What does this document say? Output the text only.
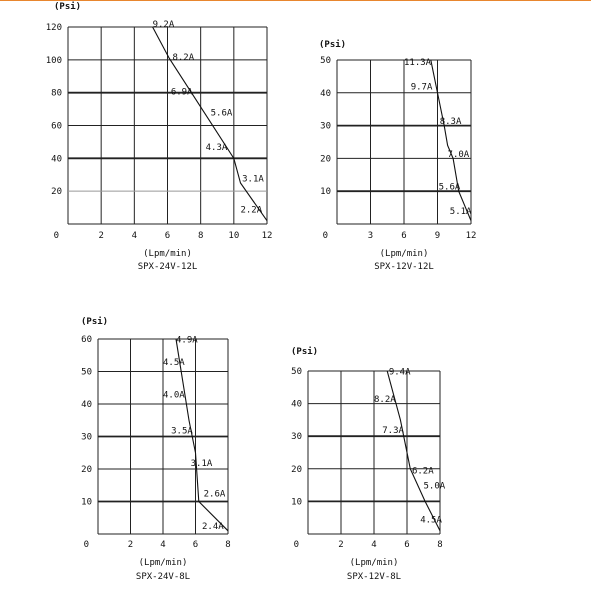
20
40
60
80
100
120
0	2	4	6	8	10 12
(Psi)
(Lpm/min)
SPX-24V-12L
9.2A
8.2A
6.9A
5.6A
4.3A
3.1A
2.2A
10
20
30
40
50
0	3	6	9	12
(Psi)
(Lpm/min)
SPX-12V-12L
11.3A
9.7A
8.3A
7.0A
5.6A
5.1A
10
20
30
40
50
60
0	2	4	6	8
(Psi)
(Lpm/min)
SPX-24V-8L
4.9A
4.5A
4.0A
3.5A
3.1A
2.6A
2.4A
10
20
30
40
50
0	2	4	6	8
(Psi)
(Lpm/min)
SPX-12V-8L
9.4A
8.2A
7.3A
6.2A
5.0A
4.5A
